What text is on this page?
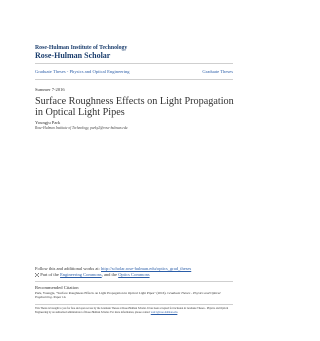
Rose-Hulman Institute of Technology
Rose-Hulman Scholar
Graduate Theses - Physics and Optical Engineering	Graduate Theses
Summer 7-2016
Surface Roughness Effects on Light Propagation in Optical Light Pipes
Youngju Park
Rose-Hulman Institute of Technology, parky2@rose-hulman.edu
Follow this and additional works at: http://scholar.rose-hulman.edu/optics_grad_theses
Part of the Engineering Commons, and the Optics Commons
Recommended Citation

Park, Youngju, "Surface Roughness Effects on Light Propagation in Optical Light Pipes" (2016). Graduate Theses - Physics and Optical Engineering. Paper 14.

This Thesis is brought to you for free and open access by the Graduate Theses at Rose-Hulman Scholar. It has been accepted for inclusion in Graduate Theses - Physics and Optical Engineering by an authorized administrator of Rose-Hulman Scholar. For more information, please contact weir1@rose-hulman.edu.
